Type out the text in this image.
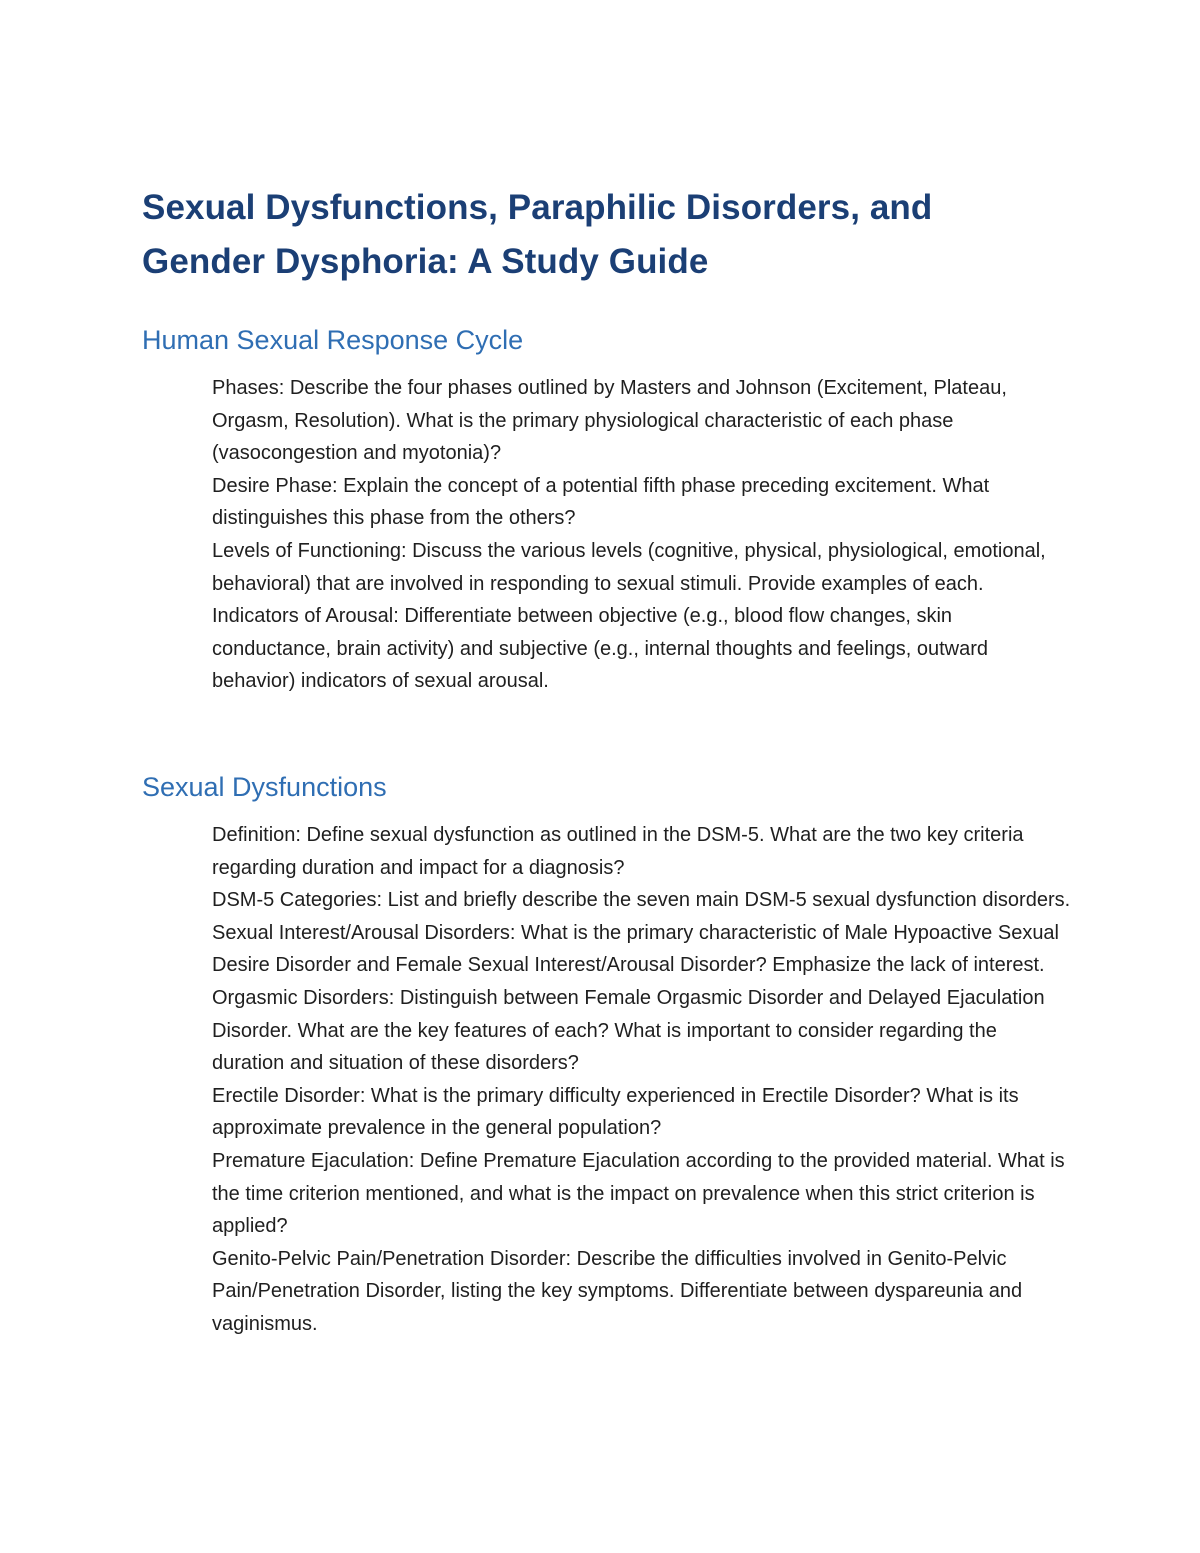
Sexual Dysfunctions, Paraphilic Disorders, and Gender Dysphoria: A Study Guide
Human Sexual Response Cycle
Phases: Describe the four phases outlined by Masters and Johnson (Excitement, Plateau, Orgasm, Resolution). What is the primary physiological characteristic of each phase (vasocongestion and myotonia)?
Desire Phase: Explain the concept of a potential fifth phase preceding excitement. What distinguishes this phase from the others?
Levels of Functioning: Discuss the various levels (cognitive, physical, physiological, emotional, behavioral) that are involved in responding to sexual stimuli. Provide examples of each.
Indicators of Arousal: Differentiate between objective (e.g., blood flow changes, skin conductance, brain activity) and subjective (e.g., internal thoughts and feelings, outward behavior) indicators of sexual arousal.
Sexual Dysfunctions
Definition: Define sexual dysfunction as outlined in the DSM-5. What are the two key criteria regarding duration and impact for a diagnosis?
DSM-5 Categories: List and briefly describe the seven main DSM-5 sexual dysfunction disorders.
Sexual Interest/Arousal Disorders: What is the primary characteristic of Male Hypoactive Sexual Desire Disorder and Female Sexual Interest/Arousal Disorder? Emphasize the lack of interest.
Orgasmic Disorders: Distinguish between Female Orgasmic Disorder and Delayed Ejaculation Disorder. What are the key features of each? What is important to consider regarding the duration and situation of these disorders?
Erectile Disorder: What is the primary difficulty experienced in Erectile Disorder? What is its approximate prevalence in the general population?
Premature Ejaculation: Define Premature Ejaculation according to the provided material. What is the time criterion mentioned, and what is the impact on prevalence when this strict criterion is applied?
Genito-Pelvic Pain/Penetration Disorder: Describe the difficulties involved in Genito-Pelvic Pain/Penetration Disorder, listing the key symptoms. Differentiate between dyspareunia and vaginismus.
